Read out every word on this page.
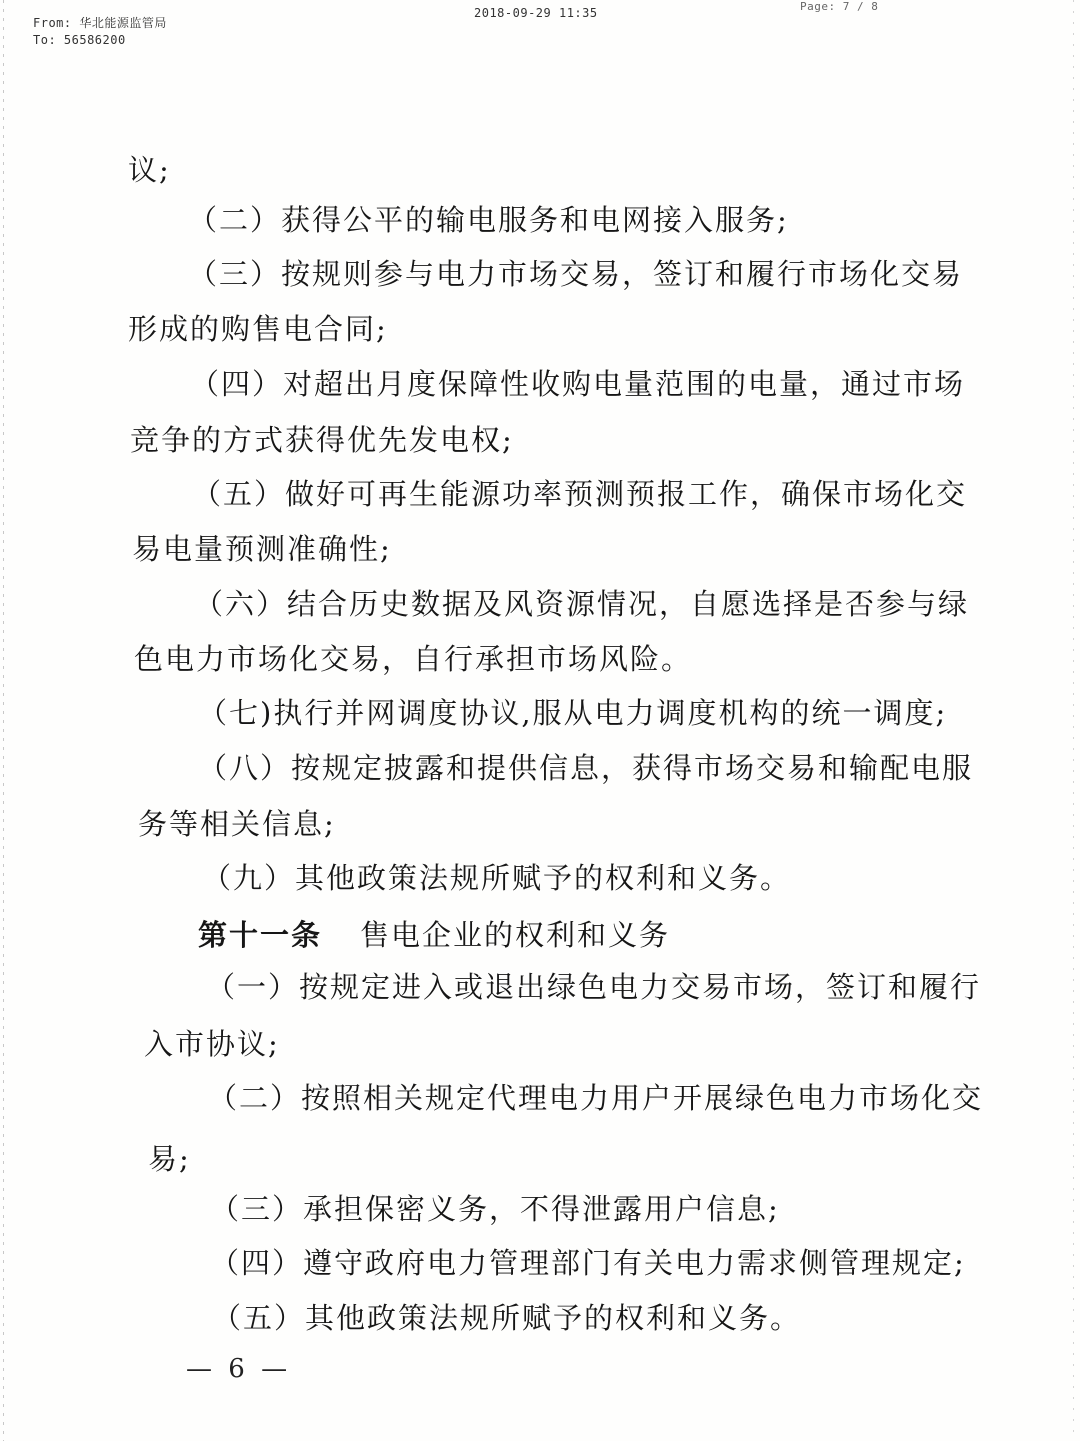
From: 华北能源监管局
To: 56586200
2018-09-29 11:35	Page: 7 / 8
议;
（二）获得公平的输电服务和电网接入服务;
（三）按规则参与电力市场交易，签订和履行市场化交易
形成的购售电合同;
（四）对超出月度保障性收购电量范围的电量，通过市场
竞争的方式获得优先发电权;
（五）做好可再生能源功率预测预报工作，确保市场化交
易电量预测准确性;
（六）结合历史数据及风资源情况，自愿选择是否参与绿
色电力市场化交易，自行承担市场风险。
（七)执行并网调度协议,服从电力调度机构的统一调度;
（八）按规定披露和提供信息，获得市场交易和输配电服
务等相关信息;
（九）其他政策法规所赋予的权利和义务。
第十一条 售电企业的权利和义务
（一）按规定进入或退出绿色电力交易市场，签订和履行
入市协议;
（二）按照相关规定代理电力用户开展绿色电力市场化交
易;
（三）承担保密义务，不得泄露用户信息;
（四）遵守政府电力管理部门有关电力需求侧管理规定;
（五）其他政策法规所赋予的权利和义务。
— 6 —
